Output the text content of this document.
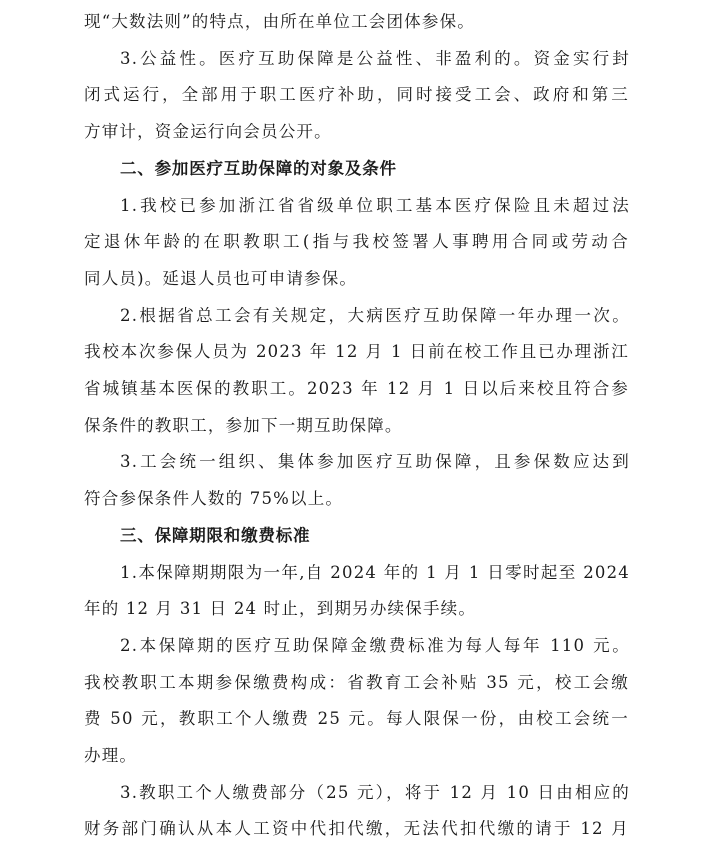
现“大数法则”的特点，由所在单位工会团体参保。
3.公益性。医疗互助保障是公益性、非盈利的。资金实行封
闭式运行，全部用于职工医疗补助，同时接受工会、政府和第三
方审计，资金运行向会员公开。
二、参加医疗互助保障的对象及条件
1.我校已参加浙江省省级单位职工基本医疗保险且未超过法
定退休年龄的在职教职工(指与我校签署人事聘用合同或劳动合
同人员)。延退人员也可申请参保。
2.根据省总工会有关规定，大病医疗互助保障一年办理一次。
我校本次参保人员为 2023 年 12 月 1 日前在校工作且已办理浙江
省城镇基本医保的教职工。2023 年 12 月 1 日以后来校且符合参
保条件的教职工，参加下一期互助保障。
3.工会统一组织、集体参加医疗互助保障，且参保数应达到
符合参保条件人数的 75%以上。
三、保障期限和缴费标准
1.本保障期期限为一年,自 2024 年的 1 月 1 日零时起至 2024
年的 12 月 31 日 24 时止，到期另办续保手续。
2.本保障期的医疗互助保障金缴费标准为每人每年 110 元。
我校教职工本期参保缴费构成：省教育工会补贴 35 元，校工会缴
费 50 元，教职工个人缴费 25 元。每人限保一份，由校工会统一
办理。
3.教职工个人缴费部分（25 元），将于 12 月 10 日由相应的
财务部门确认从本人工资中代扣代缴，无法代扣代缴的请于 12 月
